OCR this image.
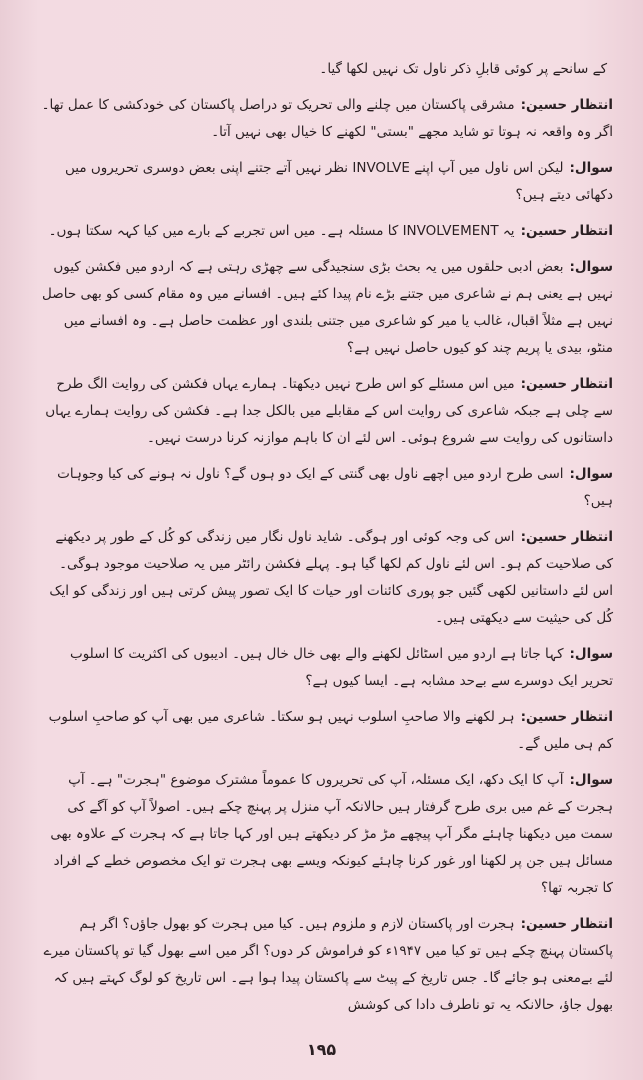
کے سانحے پر کوئی قابلِ ذکر ناول تک نہیں لکھا گیا۔

انتظار حسین:مشرقی پاکستان میں چلنے والی تحریک تو دراصل پاکستان کی خودکشی کا عمل تھا۔ اگر وہ واقعہ نہ ہوتا تو شاید مجھے "بستی" لکھنے کا خیال بھی نہیں آتا۔

سوال:لیکن اس ناول میں آپ اپنے INVOLVE نظر نہیں آتے جتنے اپنی بعض دوسری تحریروں میں دکھائی دیتے ہیں؟

انتظار حسین:یہ INVOLVEMENT کا مسئلہ ہے۔ میں اس تجربے کے بارے میں کیا کہہ سکتا ہوں۔

سوال:بعض ادبی حلقوں میں یہ بحث بڑی سنجیدگی سے چھڑی رہتی ہے کہ اردو میں فکشن کیوں نہیں ہے یعنی ہم نے شاعری میں جتنے بڑے نام پیدا کئے ہیں۔ افسانے میں وہ مقام کسی کو بھی حاصل نہیں ہے مثلاً اقبال، غالب یا میر کو شاعری میں جتنی بلندی اور عظمت حاصل ہے۔ وہ افسانے میں منٹو، بیدی یا پریم چند کو کیوں حاصل نہیں ہے؟

انتظار حسین:میں اس مسئلے کو اس طرح نہیں دیکھتا۔ ہمارے یہاں فکشن کی روایت الگ طرح سے چلی ہے جبکہ شاعری کی روایت اس کے مقابلے میں بالکل جدا ہے۔ فکشن کی روایت ہمارے یہاں داستانوں کی روایت سے شروع ہوئی۔ اس لئے ان کا باہم موازنہ کرنا درست نہیں۔

سوال:اسی طرح اردو میں اچھے ناول بھی گنتی کے ایک دو ہوں گے؟ ناول نہ ہونے کی کیا وجوہات ہیں؟

انتظار حسین:اس کی وجہ کوئی اور ہوگی۔ شاید ناول نگار میں زندگی کو کُل کے طور پر دیکھنے کی صلاحیت کم ہو۔ اس لئے ناول کم لکھا گیا ہو۔ پہلے فکشن رائٹر میں یہ صلاحیت موجود ہوگی۔ اس لئے داستانیں لکھی گئیں جو پوری کائنات اور حیات کا ایک تصور پیش کرتی ہیں اور زندگی کو ایک کُل کی حیثیت سے دیکھتی ہیں۔

سوال:کہا جاتا ہے اردو میں اسٹائل لکھنے والے بھی خال خال ہیں۔ ادیبوں کی اکثریت کا اسلوب تحریر ایک دوسرے سے بےحد مشابہ ہے۔ ایسا کیوں ہے؟

انتظار حسین:ہر لکھنے والا صاحبِ اسلوب نہیں ہو سکتا۔ شاعری میں بھی آپ کو صاحبِ اسلوب کم ہی ملیں گے۔

سوال:آپ کا ایک دکھ، ایک مسئلہ، آپ کی تحریروں کا عموماً مشترک موضوع "ہجرت" ہے۔ آپ ہجرت کے غم میں بری طرح گرفتار ہیں حالانکہ آپ منزل پر پہنچ چکے ہیں۔ اصولاً آپ کو آگے کی سمت میں دیکھنا چاہئے مگر آپ پیچھے مڑ مڑ کر دیکھتے ہیں اور کہا جاتا ہے کہ ہجرت کے علاوہ بھی مسائل ہیں جن پر لکھنا اور غور کرنا چاہئے کیونکہ ویسے بھی ہجرت تو ایک مخصوص خطے کے افراد کا تجربہ تھا؟

انتظار حسین:ہجرت اور پاکستان لازم و ملزوم ہیں۔ کیا میں ہجرت کو بھول جاؤں؟ اگر ہم پاکستان پہنچ چکے ہیں تو کیا میں ۱۹۴۷ء کو فراموش کر دوں؟ اگر میں اسے بھول گیا تو پاکستان میرے لئے بےمعنی ہو جائے گا۔ جس تاریخ کے پیٹ سے پاکستان پیدا ہوا ہے۔ اس تاریخ کو لوگ کہتے ہیں کہ بھول جاؤ، حالانکہ یہ تو ناطرف دادا کی کوشش

۱۹۵
